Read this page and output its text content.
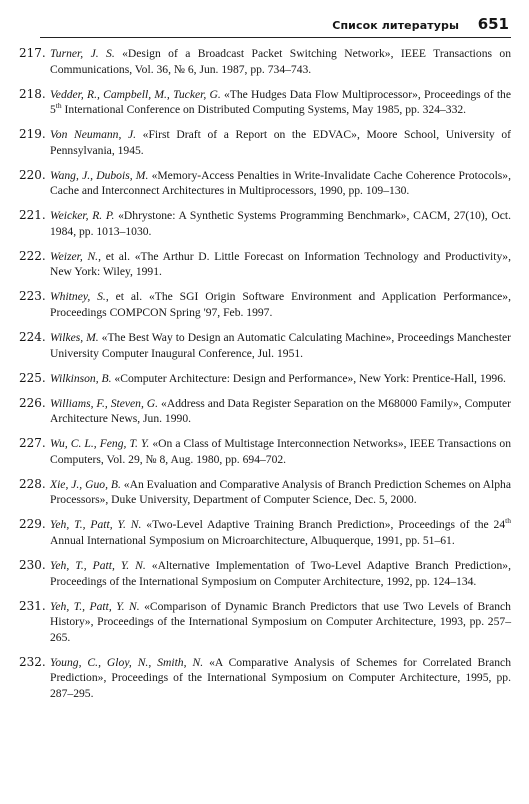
Список литературы 651
217. Turner, J. S. «Design of a Broadcast Packet Switching Network», IEEE Transactions on Communications, Vol. 36, № 6, Jun. 1987, pp. 734–743.
218. Vedder, R., Campbell, M., Tucker, G. «The Hudges Data Flow Multiprocessor», Proceedings of the 5th International Conference on Distributed Computing Systems, May 1985, pp. 324–332.
219. Von Neumann, J. «First Draft of a Report on the EDVAC», Moore School, University of Pennsylvania, 1945.
220. Wang, J., Dubois, M. «Memory-Access Penalties in Write-Invalidate Cache Coherence Protocols», Cache and Interconnect Architectures in Multiprocessors, 1990, pp. 109–130.
221. Weicker, R. P. «Dhrystone: A Synthetic Systems Programming Benchmark», CACM, 27(10), Oct. 1984, pp. 1013–1030.
222. Weizer, N., et al. «The Arthur D. Little Forecast on Information Technology and Productivity», New York: Wiley, 1991.
223. Whitney, S., et al. «The SGI Origin Software Environment and Application Performance», Proceedings COMPCON Spring '97, Feb. 1997.
224. Wilkes, M. «The Best Way to Design an Automatic Calculating Machine», Proceedings Manchester University Computer Inaugural Conference, Jul. 1951.
225. Wilkinson, B. «Computer Architecture: Design and Performance», New York: Prentice-Hall, 1996.
226. Williams, F., Steven, G. «Address and Data Register Separation on the M68000 Family», Computer Architecture News, Jun. 1990.
227. Wu, C. L., Feng, T. Y. «On a Class of Multistage Interconnection Networks», IEEE Transactions on Computers, Vol. 29, № 8, Aug. 1980, pp. 694–702.
228. Xie, J., Guo, B. «An Evaluation and Comparative Analysis of Branch Prediction Schemes on Alpha Processors», Duke University, Department of Computer Science, Dec. 5, 2000.
229. Yeh, T., Patt, Y. N. «Two-Level Adaptive Training Branch Prediction», Proceedings of the 24th Annual International Symposium on Microarchitecture, Albuquerque, 1991, pp. 51–61.
230. Yeh, T., Patt, Y. N. «Alternative Implementation of Two-Level Adaptive Branch Prediction», Proceedings of the International Symposium on Computer Architecture, 1992, pp. 124–134.
231. Yeh, T., Patt, Y. N. «Comparison of Dynamic Branch Predictors that use Two Levels of Branch History», Proceedings of the International Symposium on Computer Architecture, 1993, pp. 257–265.
232. Young, C., Gloy, N., Smith, N. «A Comparative Analysis of Schemes for Correlated Branch Prediction», Proceedings of the International Symposium on Computer Architecture, 1995, pp. 287–295.
